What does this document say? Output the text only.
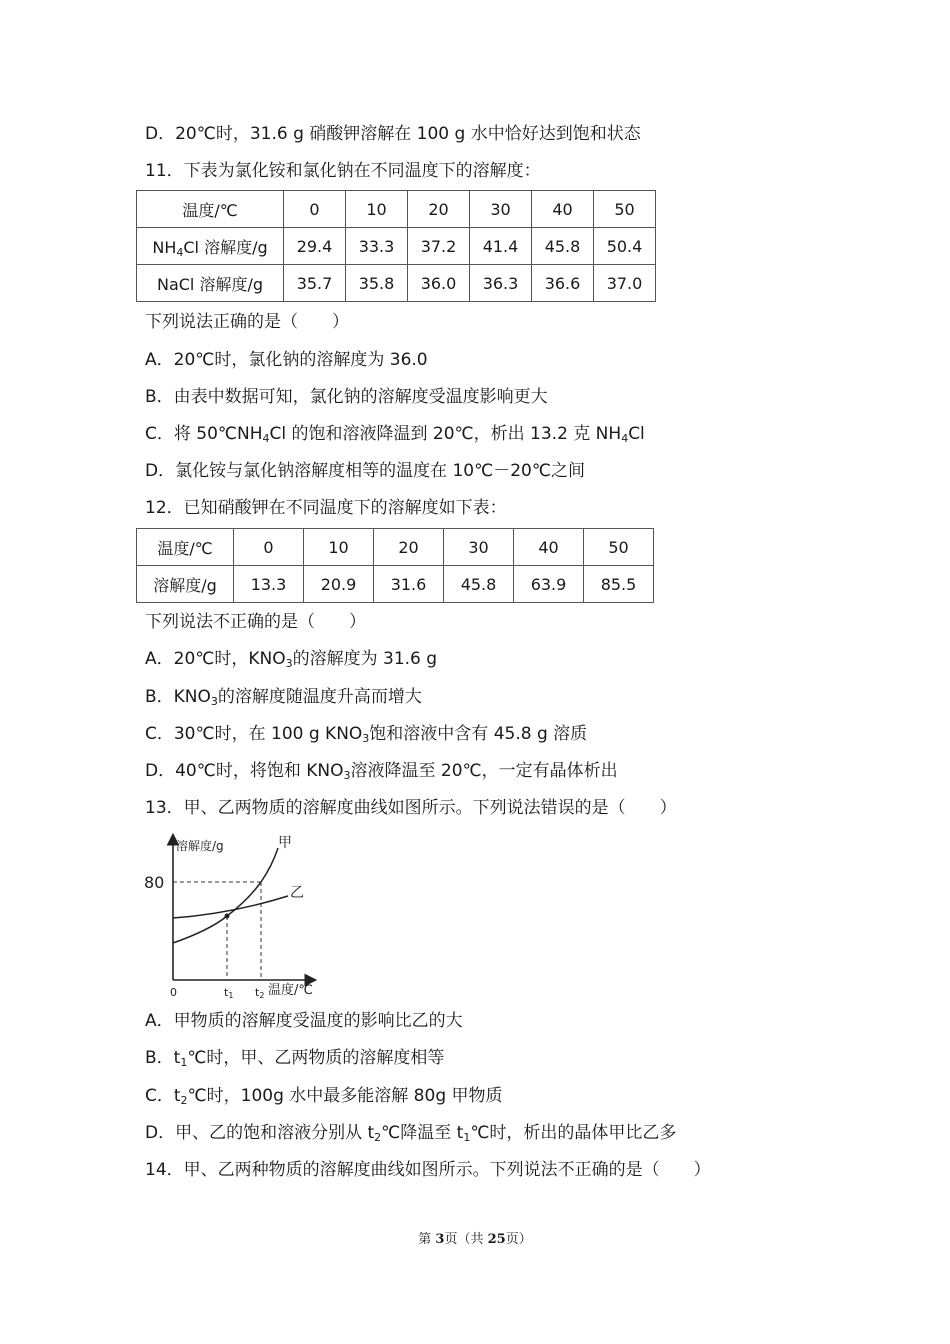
D．20℃时，31.6 g 硝酸钾溶解在 100 g 水中恰好达到饱和状态
11．下表为氯化铵和氯化钠在不同温度下的溶解度：
温度/℃	0	10	20	30	40	50
$NH_4Cl$ 溶解度/g	29.4	33.3	37.2	41.4	45.8	50.4
NaCl 溶解度/g	35.7	35.8	36.0	36.3	36.6	37.0
下列说法正确的是（　　）
A．20℃时，氯化钠的溶解度为 36.0
B．由表中数据可知，氯化钠的溶解度受温度影响更大
C．将 $50℃NH_4Cl$ 的饱和溶液降温到 20℃，析出 13.2 克 $NH_4Cl$
D．氯化铵与氯化钠溶解度相等的温度在 10℃－20℃之间
12．已知硝酸钾在不同温度下的溶解度如下表：
温度/℃	0	10	20	30	40	50
溶解度/g	13.3	20.9	31.6	45.8	63.9	85.5
下列说法不正确的是（　　）
A．20℃时，$KNO_3$的溶解度为 31.6 g
B．$KNO_3$的溶解度随温度升高而增大
C．30℃时，在 100 g $KNO_3$饱和溶液中含有 45.8 g 溶质
D．40℃时，将饱和 $KNO_3$溶液降温至 20℃，一定有晶体析出
13．甲、乙两物质的溶解度曲线如图所示。下列说法错误的是（　　）
溶解度/g
80
甲
乙
0	t1 t2 温度/℃
A．甲物质的溶解度受温度的影响比乙的大
B．$t_1℃$时，甲、乙两物质的溶解度相等
C．$t_2℃$时，100g 水中最多能溶解 80g 甲物质
D．甲、乙的饱和溶液分别从 $t_2℃$降温至 $t_1℃$时，析出的晶体甲比乙多
14．甲、乙两种物质的溶解度曲线如图所示。下列说法不正确的是（　　）
第 3页（共 25页）
